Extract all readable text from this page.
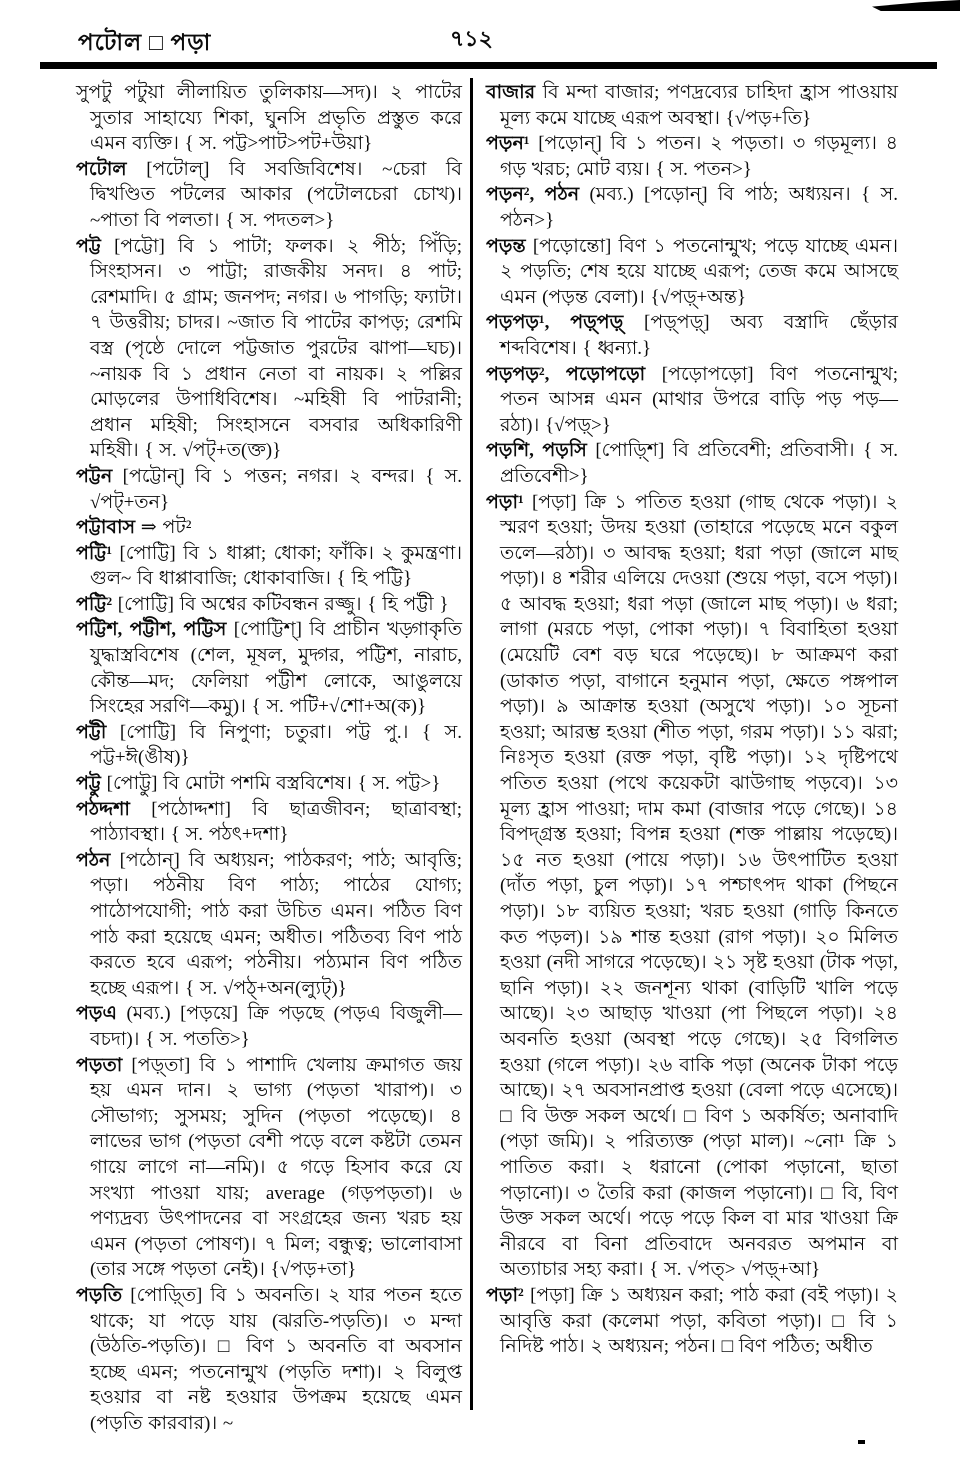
পটোল □ পড়া	৭১২

সুপটু পটুয়া লীলায়িত তুলিকায়—সদ)। ২ পাটের সুতার সাহায্যে শিকা, ঘুনসি প্রভৃতি প্রস্তুত করে এমন ব্যক্তি। { স. পট্ট>পাট>পট+উয়া}

পটোল [পটোল্] বি সবজিবিশেষ। ~চেরা বি দ্বিখণ্ডিত পটলের আকার (পটোলচেরা চোখ)। ~পাতা বি পলতা। { স. পদতল>}

পট্ট [পট্টো] বি ১ পাটা; ফলক। ২ পীঠ; পিঁড়ি; সিংহাসন। ৩ পাট্টা; রাজকীয় সনদ। ৪ পাট; রেশমাদি। ৫ গ্রাম; জনপদ; নগর। ৬ পাগড়ি; ফ্যাটা। ৭ উত্তরীয়; চাদর। ~জাত বি পাটের কাপড়; রেশমি বস্ত্র (পৃষ্ঠে দোলে পট্টজাত পুরটের ঝাপা—ঘচ)। ~নায়ক বি ১ প্রধান নেতা বা নায়ক। ২ পল্লির মোড়লের উপাধিবিশেষ। ~মহিষী বি পাটরানী; প্রধান মহিষী; সিংহাসনে বসবার অধিকারিণী মহিষী। { স. √পট্+ত(ক্ত)}

পট্টন [পট্টোন্] বি ১ পত্তন; নগর। ২ বন্দর। { স. √পট্+তন}

পট্টাবাস ⇒ পট²

পট্টি¹ [পোট্টি] বি ১ ধাপ্পা; ধোকা; ফাঁকি। ২ কুমন্ত্রণা। গুল~ বি ধাপ্পাবাজি; ধোকাবাজি। { হি পট্টি}

পট্টি² [পোট্টি] বি অশ্বের কটিবন্ধন রজ্জু। { হি পট্টী }

পট্টিশ, পট্টীশ, পট্টিস [পোট্টিশ্] বি প্রাচীন খড়্গাকৃতি যুদ্ধাস্ত্রবিশেষ (শেল, মূষল, মুদ্গর, পট্টিশ, নারাচ, কৌন্ত—মদ; ফেলিয়া পট্টীশ লোকে, আঙুলয়ে সিংহের সরণি—কমু)। { স. পটি+√শো+অ(ক)}

পট্টী [পোট্টি] বি নিপুণা; চতুরা। পট্ট পু.। { স. পট্ট+ঈ(ঙীষ)}

পট্টু [পোট্টু] বি মোটা পশমি বস্ত্রবিশেষ। { স. পট্ট>}

পঠদ্দশা [পঠোদ্দশা] বি ছাত্রজীবন; ছাত্রাবস্থা; পাঠ্যাবস্থা। { স. পঠৎ+দশা}

পঠন [পঠোন্] বি অধ্যয়ন; পাঠকরণ; পাঠ; আবৃত্তি; পড়া। পঠনীয় বিণ পাঠ্য; পাঠের যোগ্য; পাঠোপযোগী; পাঠ করা উচিত এমন। পঠিত বিণ পাঠ করা হয়েছে এমন; অধীত। পঠিতব্য বিণ পাঠ করতে হবে এরূপ; পঠনীয়। পঠ্যমান বিণ পঠিত হচ্ছে এরূপ। { স. √পঠ্+অন(ল্যুট্)}

পড়এ (মব্য.) [পড়য়ে] ক্রি পড়ছে (পড়এ বিজুলী—বচদা)। { স. পততি>}

পড়তা [পড়্তা] বি ১ পাশাদি খেলায় ক্রমাগত জয় হয় এমন দান। ২ ভাগ্য (পড়তা খারাপ)। ৩ সৌভাগ্য; সুসময়; সুদিন (পড়তা পড়েছে)। ৪ লাভের ভাগ (পড়তা বেশী পড়ে বলে কষ্টটা তেমন গায়ে লাগে না—নমি)। ৫ গড়ে হিসাব করে যে সংখ্যা পাওয়া যায়; average (গড়পড়তা)। ৬ পণ্যদ্রব্য উৎপাদনের বা সংগ্রহের জন্য খরচ হয় এমন (পড়তা পোষণ)। ৭ মিল; বন্ধুত্ব; ভালোবাসা (তার সঙ্গে পড়তা নেই)। {√পড়+তা}

পড়তি [পোড়্তি] বি ১ অবনতি। ২ যার পতন হতে থাকে; যা পড়ে যায় (ঝরতি-পড়তি)। ৩ মন্দা (উঠতি-পড়তি)। □ বিণ ১ অবনতি বা অবসান হচ্ছে এমন; পতনোন্মুখ (পড়তি দশা)। ২ বিলুপ্ত হওয়ার বা নষ্ট হওয়ার উপক্রম হয়েছে এমন (পড়তি কারবার)। ~

বাজার বি মন্দা বাজার; পণদ্রব্যের চাহিদা হ্রাস পাওয়ায় মূল্য কমে যাচ্ছে এরূপ অবস্থা। {√পড়+তি}

পড়ন¹ [পড়োন্] বি ১ পতন। ২ পড়তা। ৩ গড়মূল্য। ৪ গড় খরচ; মোট ব্যয়। { স. পতন>}

পড়ন², পঠন (মব্য.) [পড়োন্] বি পাঠ; অধ্যয়ন। { স. পঠন>}

পড়ন্ত [পড়োন্তো] বিণ ১ পতনোন্মুখ; পড়ে যাচ্ছে এমন। ২ পড়তি; শেষ হয়ে যাচ্ছে এরূপ; তেজ কমে আসছে এমন (পড়ন্ত বেলা)। {√পড়্+অন্ত}

পড়পড়¹, পড়্পড়্ [পড়্পড়্] অব্য বস্ত্রাদি ছেঁড়ার শব্দবিশেষ। { ধ্বন্যা.}

পড়পড়², পড়োপড়ো [পড়োপড়ো] বিণ পতনোন্মুখ; পতন আসন্ন এমন (মাথার উপরে বাড়ি পড় পড়—রঠা)। {√পড়্>}

পড়শি, পড়সি [পোড়্শি] বি প্রতিবেশী; প্রতিবাসী। { স. প্রতিবেশী>}

পড়া¹ [পড়া] ক্রি ১ পতিত হওয়া (গাছ থেকে পড়া)। ২ স্মরণ হওয়া; উদয় হওয়া (তাহারে পড়েছে মনে বকুল তলে—রঠা)। ৩ আবদ্ধ হওয়া; ধরা পড়া (জালে মাছ পড়া)। ৪ শরীর এলিয়ে দেওয়া (শুয়ে পড়া, বসে পড়া)। ৫ আবদ্ধ হওয়া; ধরা পড়া (জালে মাছ পড়া)। ৬ ধরা; লাগা (মরচে পড়া, পোকা পড়া)। ৭ বিবাহিতা হওয়া (মেয়েটি বেশ বড় ঘরে পড়েছে)। ৮ আক্রমণ করা (ডাকাত পড়া, বাগানে হনুমান পড়া, ক্ষেতে পঙ্গপাল পড়া)। ৯ আক্রান্ত হওয়া (অসুখে পড়া)। ১০ সূচনা হওয়া; আরম্ভ হওয়া (শীত পড়া, গরম পড়া)। ১১ ঝরা; নিঃসৃত হওয়া (রক্ত পড়া, বৃষ্টি পড়া)। ১২ দৃষ্টিপথে পতিত হওয়া (পথে কয়েকটা ঝাউগাছ পড়বে)। ১৩ মূল্য হ্রাস পাওয়া; দাম কমা (বাজার পড়ে গেছে)। ১৪ বিপদ্গ্রস্ত হওয়া; বিপন্ন হওয়া (শক্ত পাল্লায় পড়েছে)। ১৫ নত হওয়া (পায়ে পড়া)। ১৬ উৎপাটিত হওয়া (দাঁত পড়া, চুল পড়া)। ১৭ পশ্চাৎপদ থাকা (পিছনে পড়া)। ১৮ ব্যয়িত হওয়া; খরচ হওয়া (গাড়ি কিনতে কত পড়ল)। ১৯ শান্ত হওয়া (রাগ পড়া)। ২০ মিলিত হওয়া (নদী সাগরে পড়েছে)। ২১ সৃষ্ট হওয়া (টাক পড়া, ছানি পড়া)। ২২ জনশূন্য থাকা (বাড়িটি খালি পড়ে আছে)। ২৩ আছাড় খাওয়া (পা পিছলে পড়া)। ২৪ অবনতি হওয়া (অবস্থা পড়ে গেছে)। ২৫ বিগলিত হওয়া (গলে পড়া)। ২৬ বাকি পড়া (অনেক টাকা পড়ে আছে)। ২৭ অবসানপ্রাপ্ত হওয়া (বেলা পড়ে এসেছে)। □ বি উক্ত সকল অর্থে। □ বিণ ১ অকর্ষিত; অনাবাদি (পড়া জমি)। ২ পরিত্যক্ত (পড়া মাল)। ~নো¹ ক্রি ১ পাতিত করা। ২ ধরানো (পোকা পড়ানো, ছাতা পড়ানো)। ৩ তৈরি করা (কাজল পড়ানো)। □ বি, বিণ উক্ত সকল অর্থে। পড়ে পড়ে কিল বা মার খাওয়া ক্রি নীরবে বা বিনা প্রতিবাদে অনবরত অপমান বা অত্যাচার সহ্য করা। { স. √পত্> √পড়্+আ}

পড়া² [পড়া] ক্রি ১ অধ্যয়ন করা; পাঠ করা (বই পড়া)। ২ আবৃত্তি করা (কলেমা পড়া, কবিতা পড়া)। □ বি ১ নিদিষ্ট পাঠ। ২ অধ্যয়ন; পঠন। □ বিণ পঠিত; অধীত
